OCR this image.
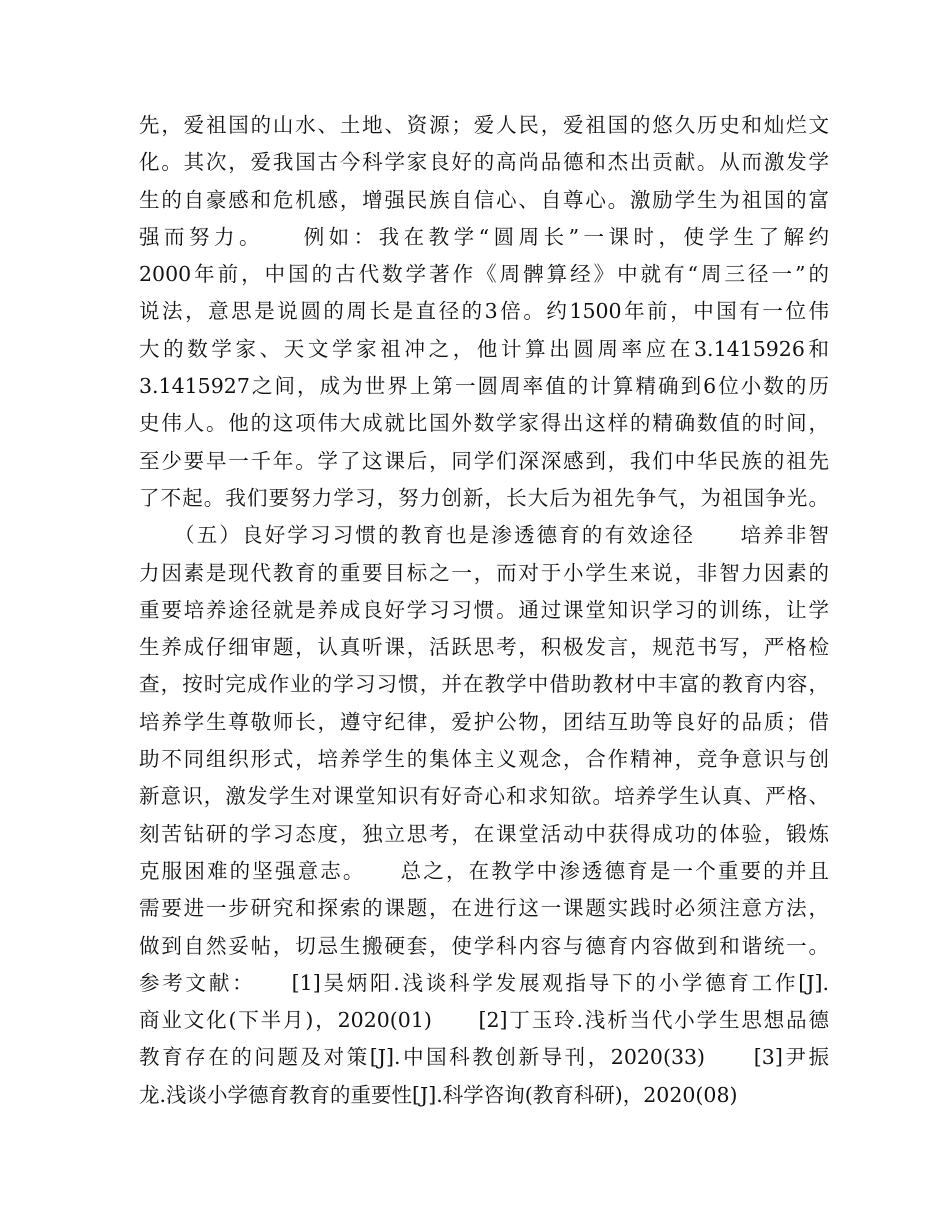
先，爱祖国的山水、土地、资源；爱人民，爱祖国的悠久历史和灿烂文
化。其次，爱我国古今科学家良好的高尚品德和杰出贡献。从而激发学
生的自豪感和危机感，增强民族自信心、自尊心。激励学生为祖国的富
强而努力。　　例如：我在教学“圆周长”一课时，使学生了解约
2000年前，中国的古代数学著作《周髀算经》中就有“周三径一”的
说法，意思是说圆的周长是直径的3倍。约1500年前，中国有一位伟
大的数学家、天文学家祖冲之，他计算出圆周率应在3.1415926和
3.1415927之间，成为世界上第一圆周率值的计算精确到6位小数的历
史伟人。他的这项伟大成就比国外数学家得出这样的精确数值的时间，
至少要早一千年。学了这课后，同学们深深感到，我们中华民族的祖先
了不起。我们要努力学习，努力创新，长大后为祖先争气，为祖国争光。
　　（五）良好学习习惯的教育也是渗透德育的有效途径　　培养非智
力因素是现代教育的重要目标之一，而对于小学生来说，非智力因素的
重要培养途径就是养成良好学习习惯。通过课堂知识学习的训练，让学
生养成仔细审题，认真听课，活跃思考，积极发言，规范书写，严格检
查，按时完成作业的学习习惯，并在教学中借助教材中丰富的教育内容，
培养学生尊敬师长，遵守纪律，爱护公物，团结互助等良好的品质；借
助不同组织形式，培养学生的集体主义观念，合作精神，竞争意识与创
新意识，激发学生对课堂知识有好奇心和求知欲。培养学生认真、严格、
刻苦钻研的学习态度，独立思考，在课堂活动中获得成功的体验，锻炼
克服困难的坚强意志。　　总之，在教学中渗透德育是一个重要的并且
需要进一步研究和探索的课题，在进行这一课题实践时必须注意方法，
做到自然妥帖，切忌生搬硬套，使学科内容与德育内容做到和谐统一。
参考文献：　　[1]吴炳阳.浅谈科学发展观指导下的小学德育工作[J].
商业文化(下半月)，2020(01)　　[2]丁玉玲.浅析当代小学生思想品德
教育存在的问题及对策[J].中国科教创新导刊，2020(33)　　[3]尹振
龙.浅谈小学德育教育的重要性[J].科学咨询(教育科研)，2020(08)
